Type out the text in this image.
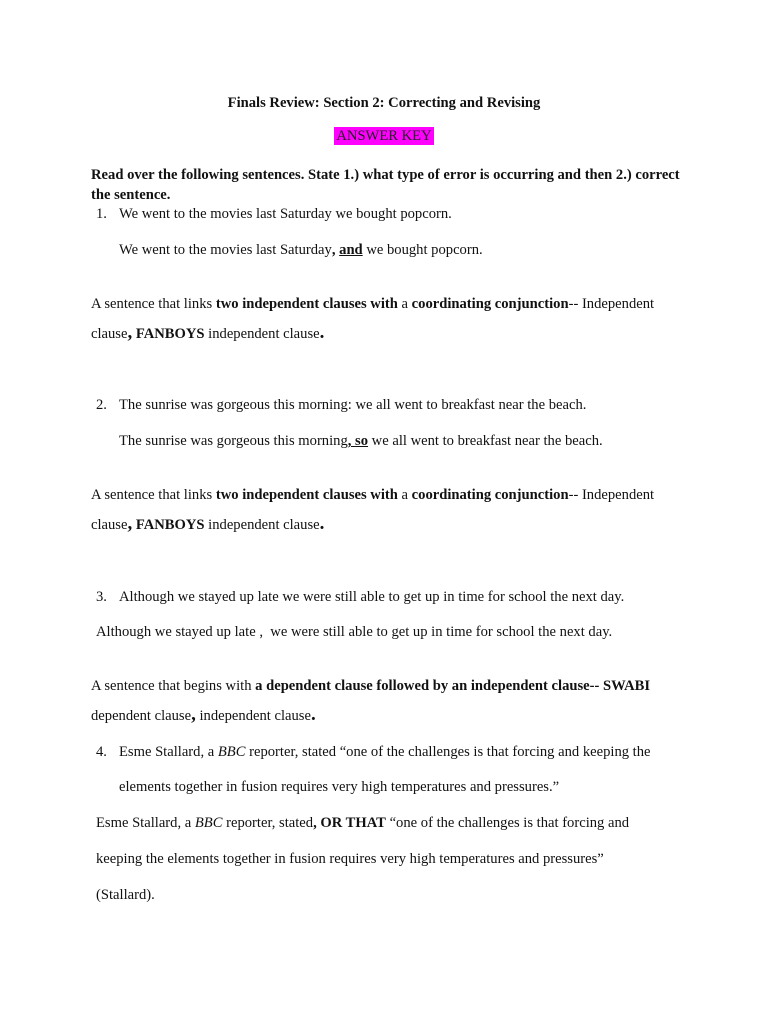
Finals Review: Section 2: Correcting and Revising
ANSWER KEY
Read over the following sentences. State 1.) what type of error is occurring and then 2.) correct the sentence.
1. We went to the movies last Saturday we bought popcorn.
We went to the movies last Saturday, and we bought popcorn.
A sentence that links two independent clauses with a coordinating conjunction-- Independent
clause, FANBOYS independent clause.
2. The sunrise was gorgeous this morning: we all went to breakfast near the beach.
The sunrise was gorgeous this morning, so we all went to breakfast near the beach.
A sentence that links two independent clauses with a coordinating conjunction-- Independent
clause, FANBOYS independent clause.
3. Although we stayed up late we were still able to get up in time for school the next day.
Although we stayed up late ,  we were still able to get up in time for school the next day.
A sentence that begins with a dependent clause followed by an independent clause-- SWABI
dependent clause, independent clause.
4. Esme Stallard, a BBC reporter, stated “one of the challenges is that forcing and keeping the
elements together in fusion requires very high temperatures and pressures.”
Esme Stallard, a BBC reporter, stated, OR THAT “one of the challenges is that forcing and
keeping the elements together in fusion requires very high temperatures and pressures”
(Stallard).
